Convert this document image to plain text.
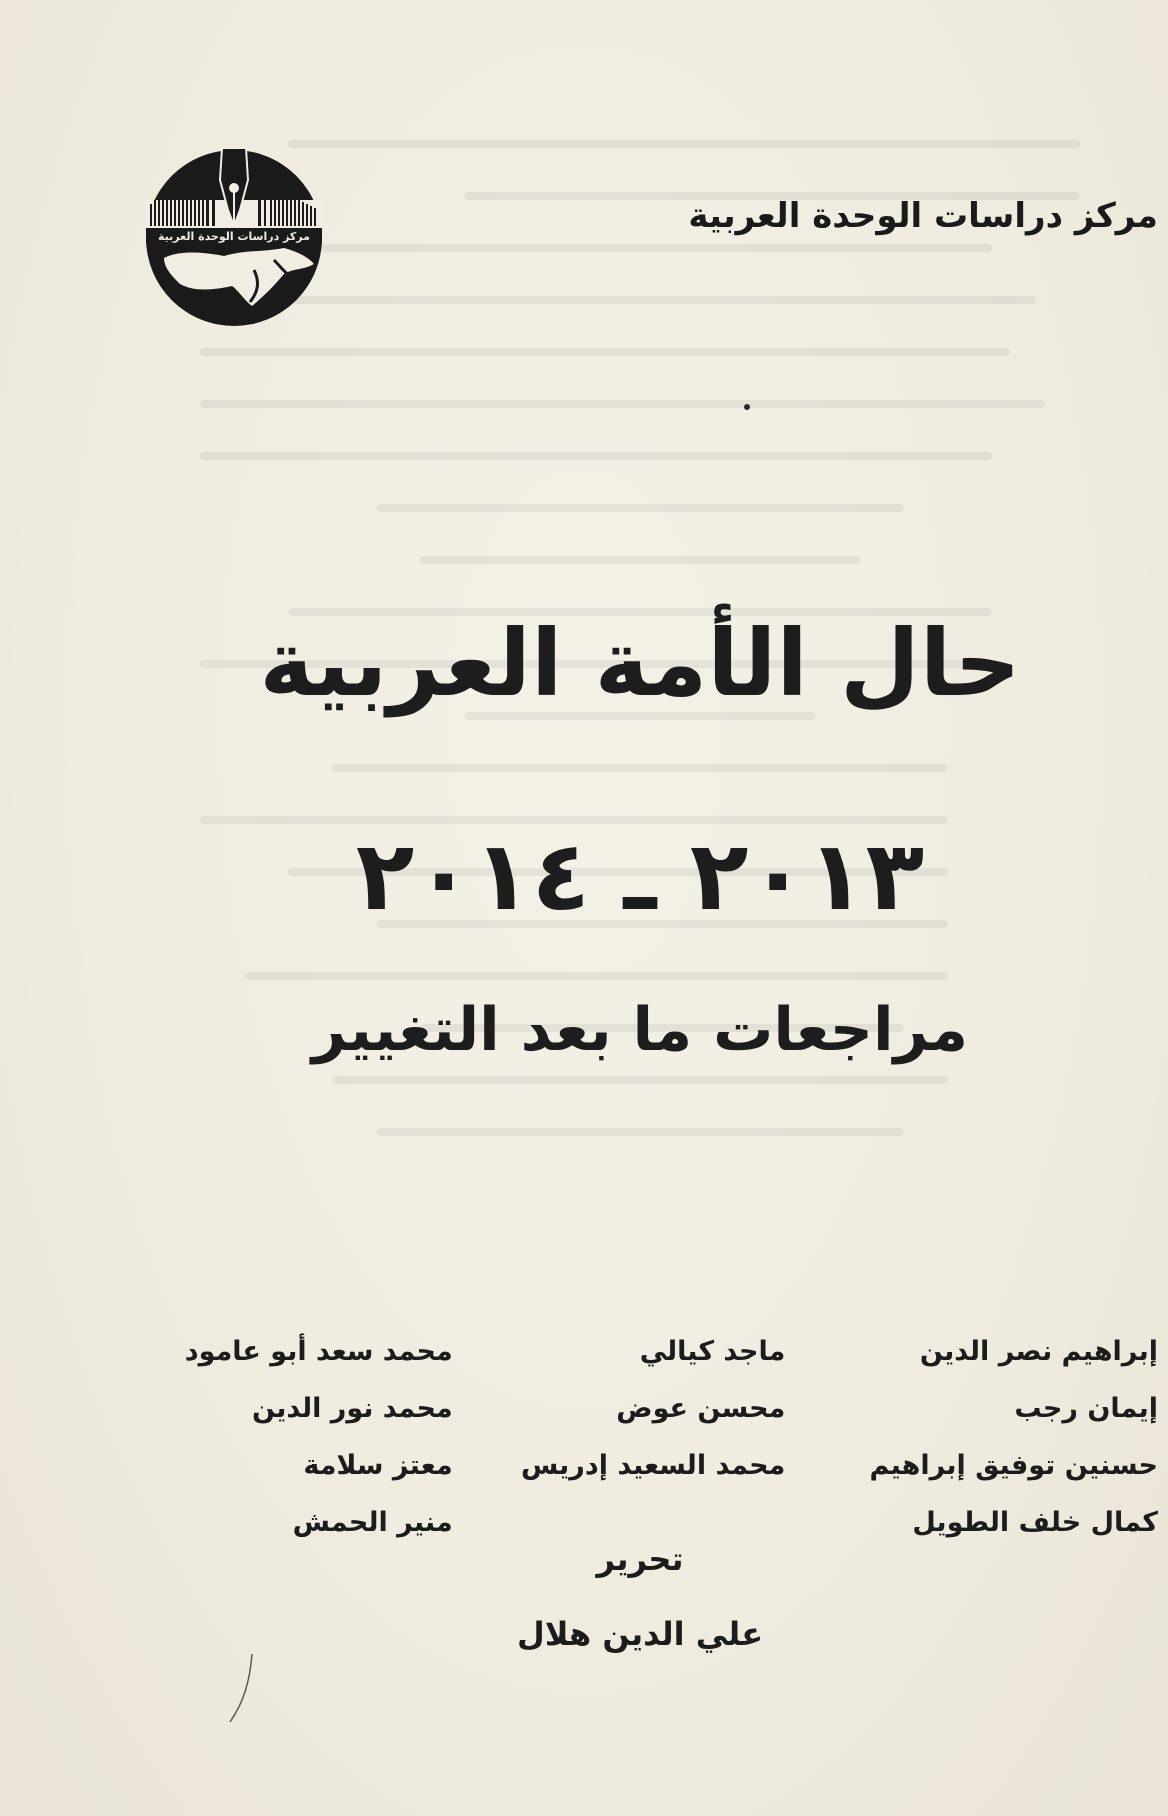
مركز دراسات الوحدة العربية
مركز دراسات الوحدة العربية
حال الأمة العربية
٢٠١٣ ـ ٢٠١٤
مراجعات ما بعد التغيير
إبراهيم نصر الدين
ماجد كيالي
محمد سعد أبو عامود
إيمان رجب
محسن عوض
محمد نور الدين
حسنين توفيق إبراهيم
محمد السعيد إدريس
معتز سلامة
كمال خلف الطويل
منير الحمش
تحرير
علي الدين هلال
